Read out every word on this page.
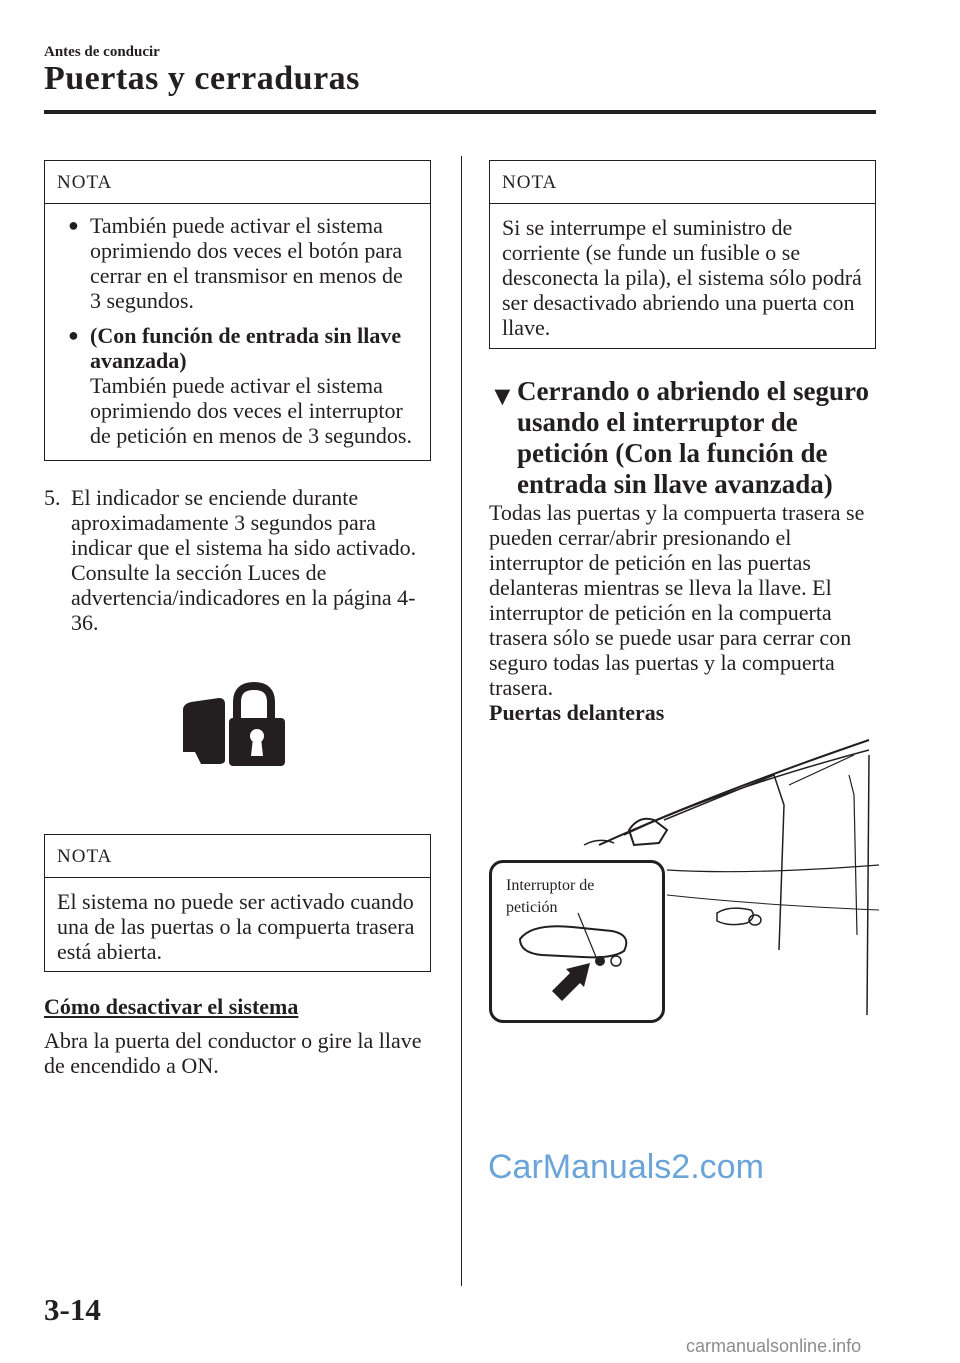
Antes de conducir
Puertas y cerraduras
NOTA
● También puede activar el sistema oprimiendo dos veces el botón para cerrar en el transmisor en menos de 3 segundos.
● (Con función de entrada sin llave avanzada)
También puede activar el sistema oprimiendo dos veces el interruptor de petición en menos de 3 segundos.
5. El indicador se enciende durante aproximadamente 3 segundos para indicar que el sistema ha sido activado. Consulte la sección Luces de advertencia/indicadores en la página 4-36.
NOTA
El sistema no puede ser activado cuando una de las puertas o la compuerta trasera está abierta.
Cómo desactivar el sistema
Abra la puerta del conductor o gire la llave de encendido a ON.
NOTA
Si se interrumpe el suministro de corriente (se funde un fusible o se desconecta la pila), el sistema sólo podrá ser desactivado abriendo una puerta con llave.
▼ Cerrando o abriendo el seguro usando el interruptor de petición (Con la función de entrada sin llave avanzada)
Todas las puertas y la compuerta trasera se pueden cerrar/abrir presionando el interruptor de petición en las puertas delanteras mientras se lleva la llave. El interruptor de petición en la compuerta trasera sólo se puede usar para cerrar con seguro todas las puertas y la compuerta trasera.
Puertas delanteras
Interruptor de
petición
3-14
CarManuals2.com
carmanualsonline.info
